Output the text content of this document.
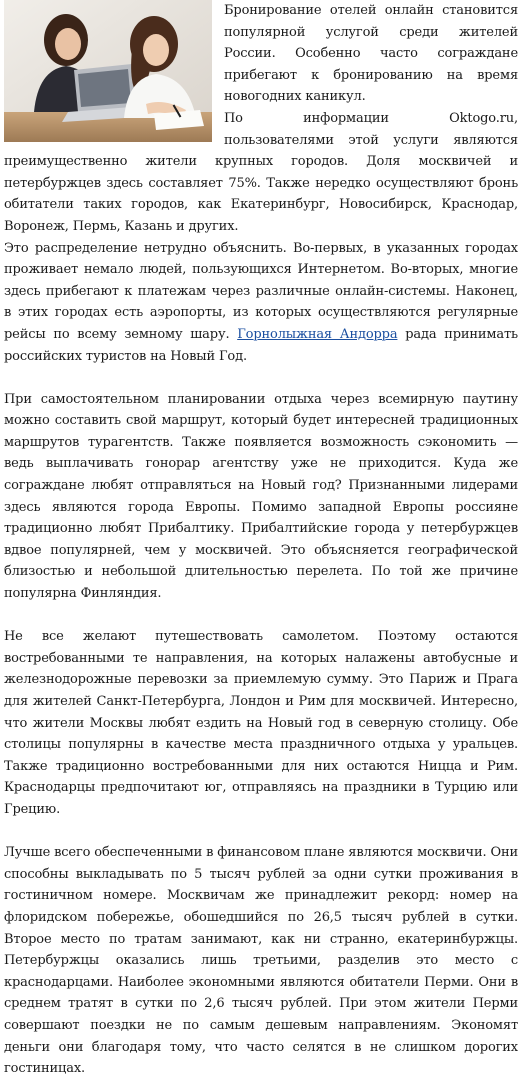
Бронирование отелей онлайн становится популярной услугой среди жителей России. Особенно часто сограждане прибегают к бронированию на время новогодних каникул.

По информации Oktogo.ru, пользователями этой услуги являются преимущественно жители крупных городов. Доля москвичей и петербуржцев здесь составляет 75%. Также нередко осуществляют бронь обитатели таких городов, как Екатеринбург, Новосибирск, Краснодар, Воронеж, Пермь, Казань и других.

Это распределение нетрудно объяснить. Во-первых, в указанных городах проживает немало людей, пользующихся Интернетом. Во-вторых, многие здесь прибегают к платежам через различные онлайн-системы. Наконец, в этих городах есть аэропорты, из которых осуществляются регулярные рейсы по всему земному шару. Горнолыжная Андорра рада принимать российских туристов на Новый Год.

При самостоятельном планировании отдыха через всемирную паутину можно составить свой маршрут, который будет интересней традиционных маршрутов турагентств. Также появляется возможность сэкономить — ведь выплачивать гонорар агентству уже не приходится. Куда же сограждане любят отправляться на Новый год? Признанными лидерами здесь являются города Европы. Помимо западной Европы россияне традиционно любят Прибалтику. Прибалтийские города у петербуржцев вдвое популярней, чем у москвичей. Это объясняется географической близостью и небольшой длительностью перелета. По той же причине популярна Финляндия.

Не все желают путешествовать самолетом. Поэтому остаются востребованными те направления, на которых налажены автобусные и железнодорожные перевозки за приемлемую сумму. Это Париж и Прага для жителей Санкт-Петербурга, Лондон и Рим для москвичей. Интересно, что жители Москвы любят ездить на Новый год в северную столицу. Обе столицы популярны в качестве места праздничного отдыха у уральцев. Также традиционно востребованными для них остаются Ницца и Рим. Краснодарцы предпочитают юг, отправляясь на праздники в Турцию или Грецию.

Лучше всего обеспеченными в финансовом плане являются москвичи. Они способны выкладывать по 5 тысяч рублей за одни сутки проживания в гостиничном номере. Москвичам же принадлежит рекорд: номер на флоридском побережье, обошедшийся по 26,5 тысяч рублей в сутки. Второе место по тратам занимают, как ни странно, екатеринбуржцы. Петербуржцы оказались лишь третьими, разделив это место с краснодарцами. Наиболее экономными являются обитатели Перми. Они в среднем тратят в сутки по 2,6 тысяч рублей. При этом жители Перми совершают поездки не по самым дешевым направлениям. Экономят деньги они благодаря тому, что часто селятся в не слишком дорогих гостиницах.
